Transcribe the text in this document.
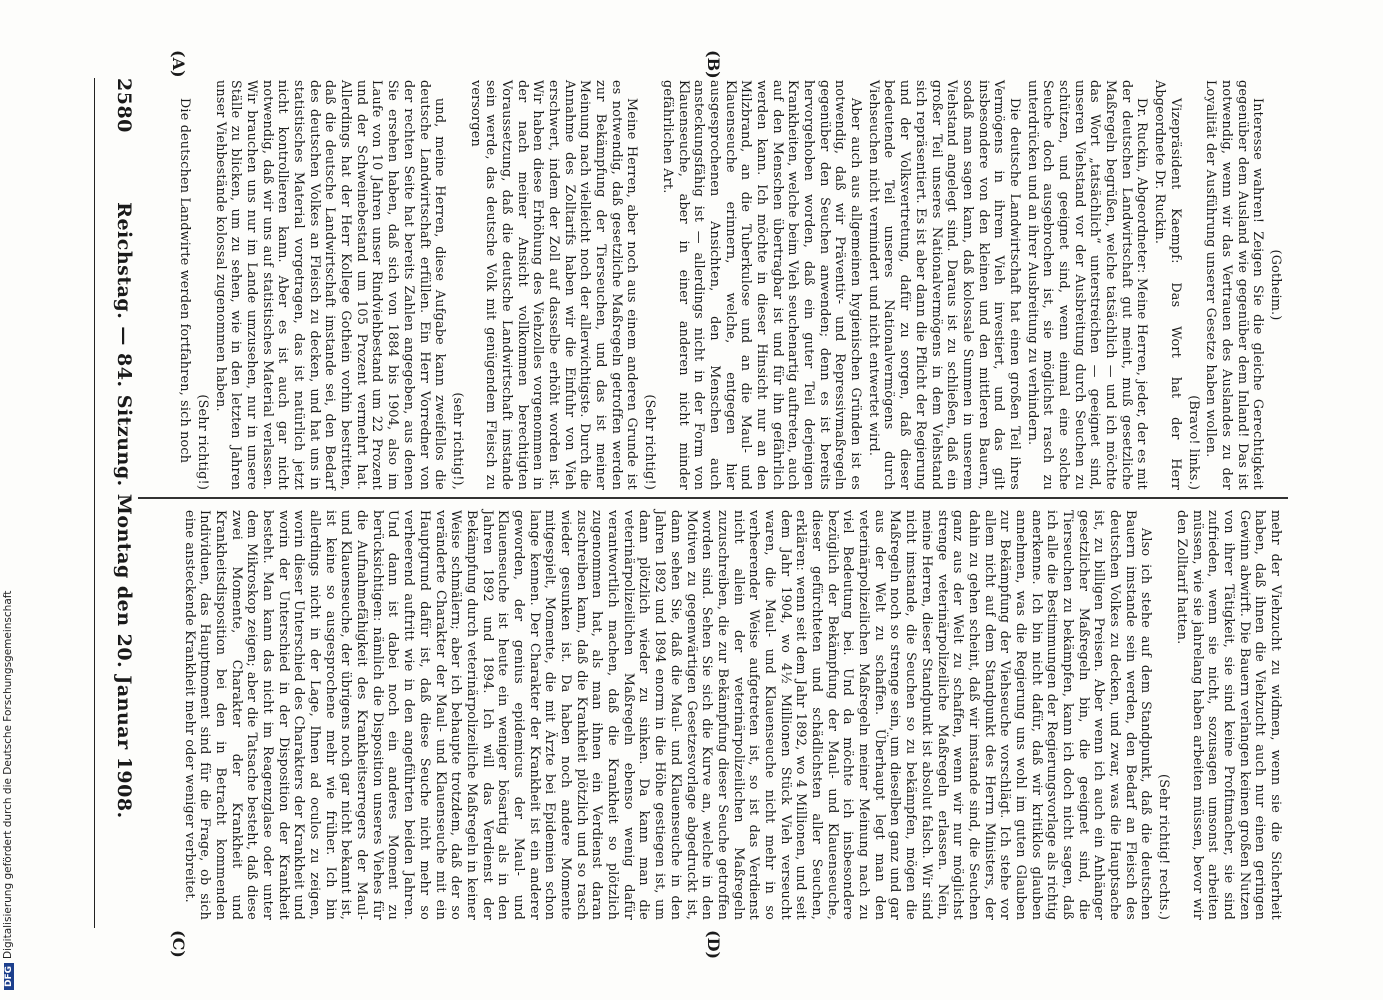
2580
Reichstag. — 84. Sitzung. Montag den 20. Januar 1908.
(A)	(B)
(C)	(D)

(Gotheim.)

Interesse wahren! Zeigen Sie die gleiche Gerechtigkeit gegenüber dem Ausland wie gegenüber dem Inland! Das ist notwendig, wenn wir das Vertrauen des Auslandes zu der Loyalität der Ausführung unserer Gesetze haben wollen.

(Bravo! links.)

Vizepräsident Kaempf: Das Wort hat der Herr Abgeordnete Dr. Ruckin.

Dr. Ruckin, Abgeordneter: Meine Herren, jeder, der es mit der deutschen Landwirtschaft gut meint, muß gesetzliche Maßregeln begrüßen, welche tatsächlich — und ich möchte das Wort „tatsächlich“ unterstreichen — geeignet sind, unseren Viehstand vor der Ausbreitung durch Seuchen zu schützen, und geeignet sind, wenn einmal eine solche Seuche doch ausgebrochen ist, sie möglichst rasch zu unterdrücken und an ihrer Ausbreitung zu verhindern.

Die deutsche Landwirtschaft hat einen großen Teil ihres Vermögens in ihrem Vieh investiert, und das gilt insbesondere von den kleinen und den mittleren Bauern, sodaß man sagen kann, daß kolossale Summen in unserem Viehstand angelegt sind. Daraus ist zu schließen, daß ein großer Teil unseres Nationalvermögens in dem Viehstand sich repräsentiert. Es ist aber dann die Pflicht der Regierung und der Volksvertretung, dafür zu sorgen, daß dieser bedeutende Teil unseres Nationalvermögens durch Viehseuchen nicht vermindert und nicht entwertet wird.

Aber auch aus allgemeinen hygienischen Gründen ist es notwendig, daß wir Präventiv- und Repressivmaßregeln gegenüber den Seuchen anwenden; denn es ist bereits hervorgehoben worden, daß ein guter Teil derjenigen Krankheiten, welche beim Vieh seuchenartig auftreten, auch auf den Menschen übertragbar ist und für ihn gefährlich werden kann. Ich möchte in dieser Hinsicht nur an den Milzbrand, an die Tuberkulose und an die Maul- und Klauenseuche erinnern, welche, entgegen hier ausgesprochenen Ansichten, den Menschen auch ansteckungsfähig ist — allerdings nicht in der Form von Klauenseuche, aber in einer anderen nicht minder gefährlichen Art.

(Sehr richtig!)

Meine Herren, aber noch aus einem anderen Grunde ist es notwendig, daß gesetzliche Maßregeln getroffen werden zur Bekämpfung der Tierseuchen, und das ist meiner Meinung nach vielleicht noch der allerwichtigste. Durch die Annahme des Zolltarifs haben wir die Einfuhr von Vieh erschwert, indem der Zoll auf dasselbe erhöht worden ist. Wir haben diese Erhöhung des Viehzolles vorgenommen in der nach meiner Ansicht vollkommen berechtigten Voraussetzung, daß die deutsche Landwirtschaft imstande sein werde, das deutsche Volk mit genügendem Fleisch zu versorgen

(sehr richtig!),

und, meine Herren, diese Aufgabe kann zweifellos die deutsche Landwirtschaft erfüllen. Ein Herr Vorredner von der rechten Seite hat bereits Zahlen angegeben, aus denen Sie ersehen haben, daß sich von 1884 bis 1904, also im Laufe von 10 Jahren unser Rindviehbestand um 22 Prozent und der Schweinebestand um 105 Prozent vermehrt hat. Allerdings hat der Herr Kollege Gothein vorhin bestritten, daß die deutsche Landwirtschaft imstande sei, den Bedarf des deutschen Volkes an Fleisch zu decken, und hat uns in statistisches Material vorgetragen, das ist natürlich jetzt nicht kontrollieren kann. Aber es ist auch gar nicht notwendig, daß wir uns auf statistisches Material verlassen. Wir brauchen uns nur im Lande umzusehen, nur in unsere Ställe zu blicken, um zu sehen, wie in den letzten Jahren unser Viehbestände kolossal zugenommen haben.

(Sehr richtig!)

Die deutschen Landwirte werden fortfahren, sich noch

mehr der Viehzucht zu widmen, wenn sie die Sicherheit haben, daß ihnen die Viehzucht auch nur einen geringen Gewinn abwirft. Die Bauern verlangen keinen großen Nutzen von ihrer Tätigkeit, sie sind keine Profitmacher, sie sind zufrieden, wenn sie nicht, sozusagen umsonst arbeiten müssen, wie sie jahrelang haben arbeiten müssen, bevor wir den Zolltarif hatten.

(Sehr richtig! rechts.)

Also ich stehe auf dem Standpunkt, daß die deutschen Bauern imstande sein werden, den Bedarf an Fleisch des deutschen Volkes zu decken, und zwar, was die Hauptsache ist, zu billigen Preisen. Aber wenn ich auch ein Anhänger gesetzlicher Maßregeln bin, die geeignet sind, die Tierseuchen zu bekämpfen, kann ich doch nicht sagen, daß ich alle die Bestimmungen der Regierungsvorlage als richtig anerkenne. Ich bin nicht dafür, daß wir kritiklos glauben annehmen, was die Regierung uns wohl im guten Glauben zur Bekämpfung der Viehseuche vorschlägt. Ich stehe vor allem nicht auf dem Standpunkt des Herrn Ministers, der dahin zu gehen scheint, daß wir imstande sind, die Seuchen ganz aus der Welt zu schaffen, wenn wir nur möglichst strenge veterinärpolizeiliche Maßregeln erlassen. Nein, meine Herren, dieser Standpunkt ist absolut falsch. Wir sind nicht imstande, die Seuchen so zu bekämpfen, mögen die Maßregeln noch so strenge sein, um dieselben ganz und gar aus der Welt zu schaffen. Überhaupt legt man den veterinärpolizeilichen Maßregeln meiner Meinung nach zu viel Bedeutung bei. Und da möchte ich insbesondere bezüglich der Bekämpfung der Maul- und Klauenseuche, dieser gefürchteten und schädlichsten aller Seuchen, erklären: wenn seit dem Jahr 1892, wo 4 Millionen, und seit dem Jahr 1904, wo 4½ Millionen Stück Vieh verseucht waren, die Maul- und Klauenseuche nicht mehr in so verheerender Weise aufgetreten ist, so ist das Verdienst nicht allein der veterinärpolizeilichen Maßregeln zuzuschreiben, die zur Bekämpfung dieser Seuche getroffen worden sind. Sehen Sie sich die Kurve an, welche in den Motiven zu gegenwärtigen Gesetzesvorlage abgedruckt ist, dann sehen Sie, daß die Maul- und Klauenseuche in den Jahren 1892 und 1894 enorm in die Höhe gestiegen ist, um dann plötzlich wieder zu sinken. Da kann man die veterinärpolizeilichen Maßregeln ebenso wenig dafür verantwortlich machen, daß die Krankheit so plötzlich zugenommen hat, als man ihnen ein Verdienst daran zuschreiben kann, daß die Krankheit plötzlich und so rasch wieder gesunken ist. Da haben noch andere Momente mitgespielt, Momente, die mit Ärzte bei Epidemien schon lange kennen. Der Charakter der Krankheit ist ein anderer geworden, der genius epidemicus der Maul- und Klauenseuche ist heute ein weniger bösartig als in den Jahren 1892 und 1894. Ich will das Verdienst der Bekämpfung durch veterinärpolizeiliche Maßregeln in keiner Weise schmälern; aber ich behaupte trotzdem, daß der so veränderte Charakter der Maul- und Klauenseuche mit ein Hauptgrund dafür ist, daß diese Seuche nicht mehr so verheerend auftritt wie in den angeführten beiden Jahren. Und dann ist dabei noch ein anderes Moment zu berücksichtigen: nämlich die Disposition unseres Viehes für die Aufnahmefähigkeit des Krankheitserregers der Maul- und Klauenseuche, der übrigens noch gar nicht bekannt ist, ist keine so ausgesprochene mehr wie früher. Ich bin allerdings nicht in der Lage, Ihnen ad oculos zu zeigen, worin dieser Unterschied des Charakters der Krankheit und worin der Unterschied in der Disposition der Krankheit besteht. Man kann das nicht im Reagenzglase oder unter dem Mikroskop zeigen; aber die Tatsache besteht, daß diese zwei Momente, Charakter der Krankheit und Krankheitsdisposition bei den in Betracht kommenden Individuen, das Hauptmoment sind für die Frage, ob sich eine ansteckende Krankheit mehr oder weniger verbreitet.

DFGDigitalisierung gefördert durch die Deutsche Forschungsgemeinschaft
